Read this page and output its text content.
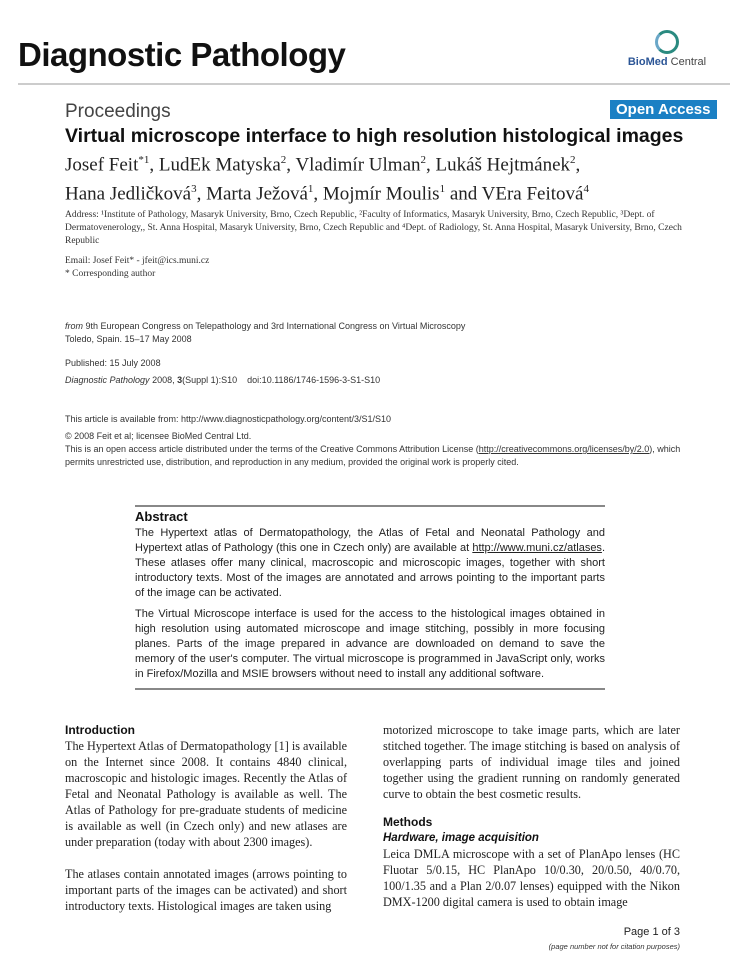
Diagnostic Pathology	BioMed Central
Proceedings	Open Access
Virtual microscope interface to high resolution histological images
Josef Feit$^{*1}$, LudEk Matyska$^2$, Vladimír Ulman$^2$, Lukáš Hejtmánek$^2$,
Hana Jedličková$^3$, Marta Ježová$^1$, Mojmír Moulis$^1$ and VEra Feitová$^4$
Address: ¹Institute of Pathology, Masaryk University, Brno, Czech Republic, ²Faculty of Informatics, Masaryk University, Brno, Czech Republic, ³Dept. of Dermatovenerology,, St. Anna Hospital, Masaryk University, Brno, Czech Republic and ⁴Dept. of Radiology, St. Anna Hospital, Masaryk University, Brno, Czech Republic
Email: Josef Feit* - jfeit@ics.muni.cz
* Corresponding author
from 9th European Congress on Telepathology and 3rd International Congress on Virtual Microscopy
Toledo, Spain. 15–17 May 2008
Published: 15 July 2008
Diagnostic Pathology 2008, 3(Suppl 1):S10 doi:10.1186/1746-1596-3-S1-S10
This article is available from: http://www.diagnosticpathology.org/content/3/S1/S10
© 2008 Feit et al; licensee BioMed Central Ltd.
This is an open access article distributed under the terms of the Creative Commons Attribution License (http://creativecommons.org/licenses/by/2.0), which permits unrestricted use, distribution, and reproduction in any medium, provided the original work is properly cited.
Abstract

The Hypertext atlas of Dermatopathology, the Atlas of Fetal and Neonatal Pathology and Hypertext atlas of Pathology (this one in Czech only) are available at http://www.muni.cz/atlases. These atlases offer many clinical, macroscopic and microscopic images, together with short introductory texts. Most of the images are annotated and arrows pointing to the important parts of the image can be activated.

The Virtual Microscope interface is used for the access to the histological images obtained in high resolution using automated microscope and image stitching, possibly in more focusing planes. Parts of the image prepared in advance are downloaded on demand to save the memory of the user's computer. The virtual microscope is programmed in JavaScript only, works in Firefox/Mozilla and MSIE browsers without need to install any additional software.

Introduction

The Hypertext Atlas of Dermatopathology [1] is available on the Internet since 2008. It contains 4840 clinical, macroscopic and histologic images. Recently the Atlas of Fetal and Neonatal Pathology is available as well. The Atlas of Pathology for pre-graduate students of medicine is available as well (in Czech only) and new atlases are under preparation (today with about 2300 images).

The atlases contain annotated images (arrows pointing to important parts of the images can be activated) and short introductory texts. Histological images are taken using

motorized microscope to take image parts, which are later stitched together. The image stitching is based on analysis of overlapping parts of individual image tiles and joined together using the gradient running on randomly generated curve to obtain the best cosmetic results.

Methods
Hardware, image acquisition

Leica DMLA microscope with a set of PlanApo lenses (HC Fluotar 5/0.15, HC PlanApo 10/0.30, 20/0.50, 40/0.70, 100/1.35 and a Plan 2/0.07 lenses) equipped with the Nikon DMX-1200 digital camera is used to obtain image

Page 1 of 3
(page number not for citation purposes)
